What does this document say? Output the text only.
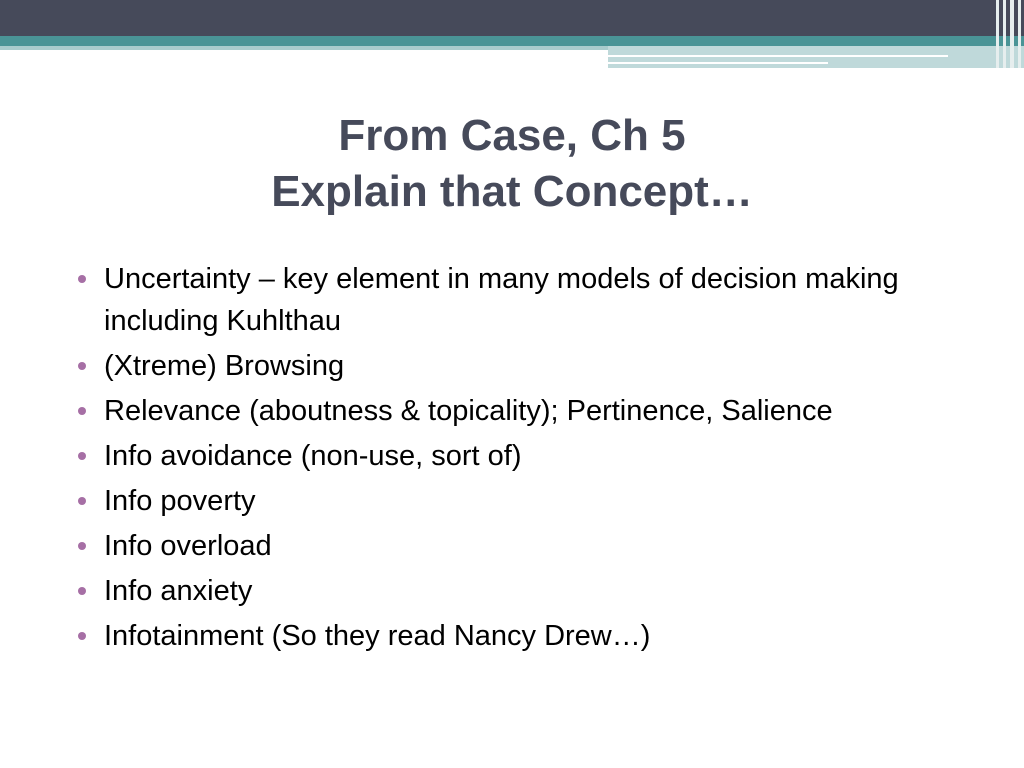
From Case, Ch 5
Explain that Concept…
Uncertainty – key element in many models of decision making including Kuhlthau
(Xtreme) Browsing
Relevance (aboutness & topicality); Pertinence, Salience
Info avoidance (non-use, sort of)
Info poverty
Info overload
Info anxiety
Infotainment (So they read Nancy Drew…)
